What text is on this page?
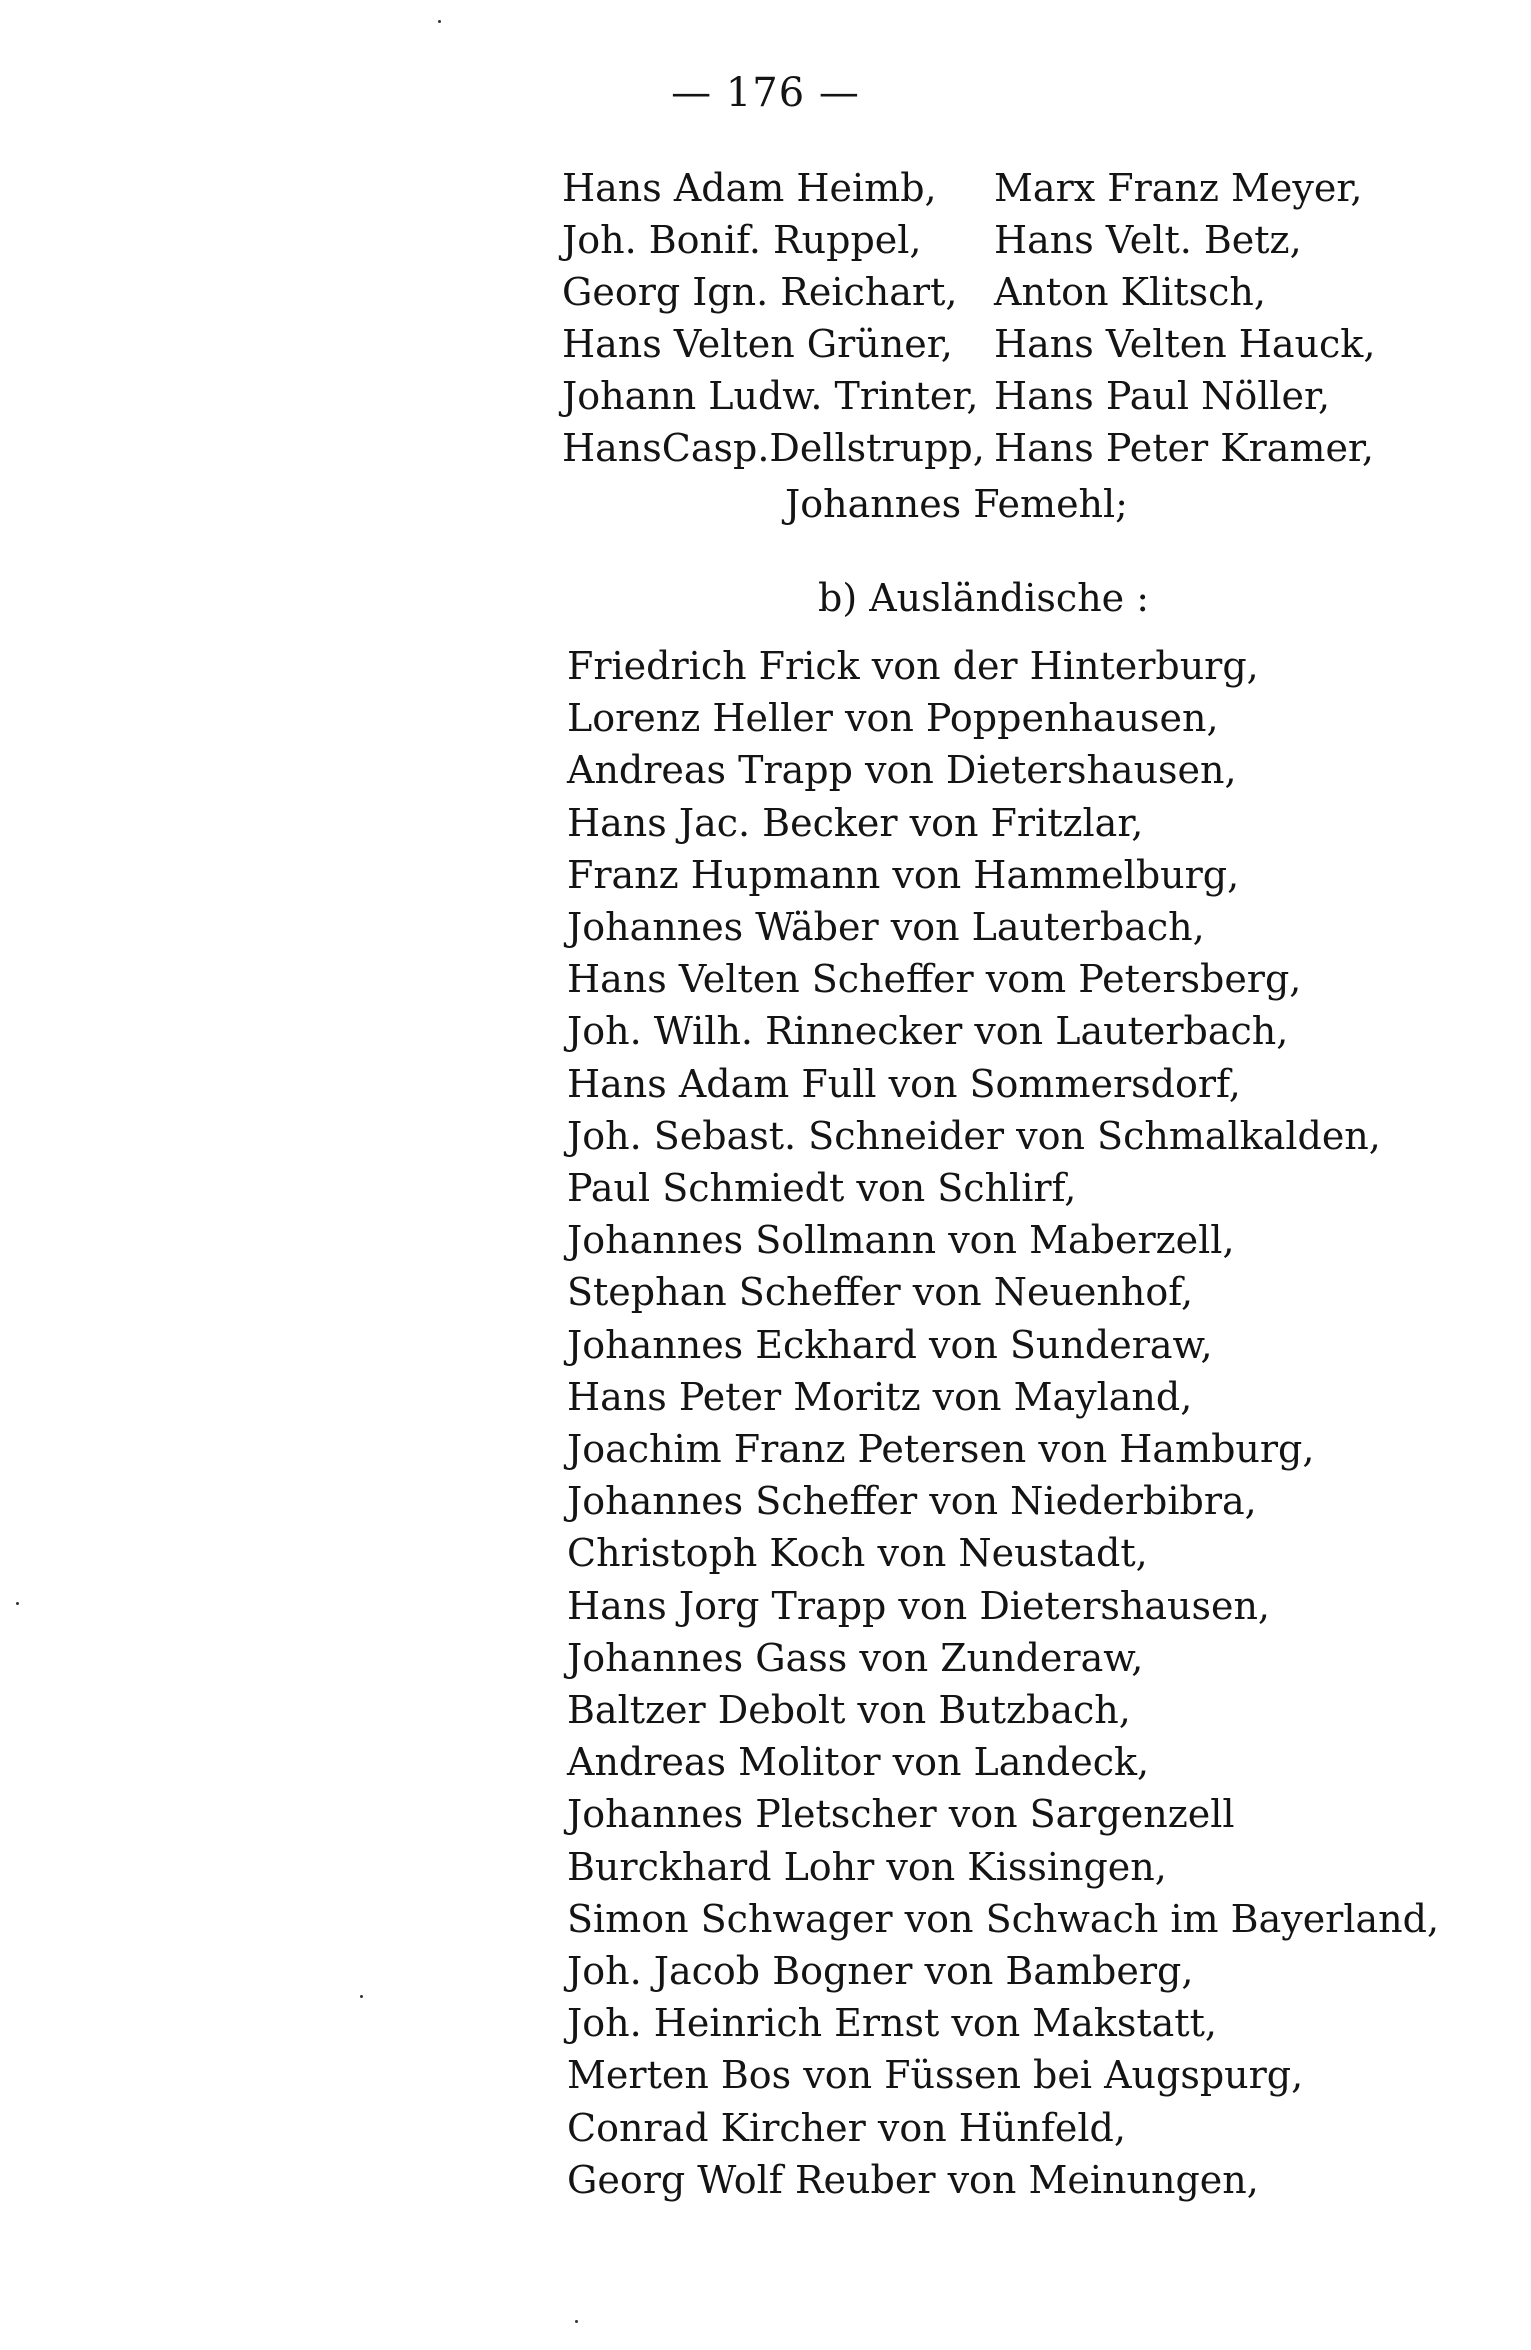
— 176 —
Hans Adam Heimb,	Marx Franz Meyer,
Joh. Bonif. Ruppel,	Hans Velt. Betz,
Georg Ign. Reichart, Anton Klitsch,
Hans Velten Grüner,	Hans Velten Hauck,
Johann Ludw. Trinter, Hans Paul Nöller,
HansCasp.Dellstrupp, Hans Peter Kramer,
Johannes Femehl;
b) Ausländische :
Friedrich Frick von der Hinterburg,
Lorenz Heller von Poppenhausen,
Andreas Trapp von Dietershausen,
Hans Jac. Becker von Fritzlar,
Franz Hupmann von Hammelburg,
Johannes Wäber von Lauterbach,
Hans Velten Scheffer vom Petersberg,
Joh. Wilh. Rinnecker von Lauterbach,
Hans Adam Full von Sommersdorf,
Joh. Sebast. Schneider von Schmalkalden,
Paul Schmiedt von Schlirf,
Johannes Sollmann von Maberzell,
Stephan Scheffer von Neuenhof,
Johannes Eckhard von Sunderaw,
Hans Peter Moritz von Mayland,
Joachim Franz Petersen von Hamburg,
Johannes Scheffer von Niederbibra,
Christoph Koch von Neustadt,
Hans Jorg Trapp von Dietershausen,
Johannes Gass von Zunderaw,
Baltzer Debolt von Butzbach,
Andreas Molitor von Landeck,
Johannes Pletscher von Sargenzell
Burckhard Lohr von Kissingen,
Simon Schwager von Schwach im Bayerland,
Joh. Jacob Bogner von Bamberg,
Joh. Heinrich Ernst von Makstatt,
Merten Bos von Füssen bei Augspurg,
Conrad Kircher von Hünfeld,
Georg Wolf Reuber von Meinungen,
